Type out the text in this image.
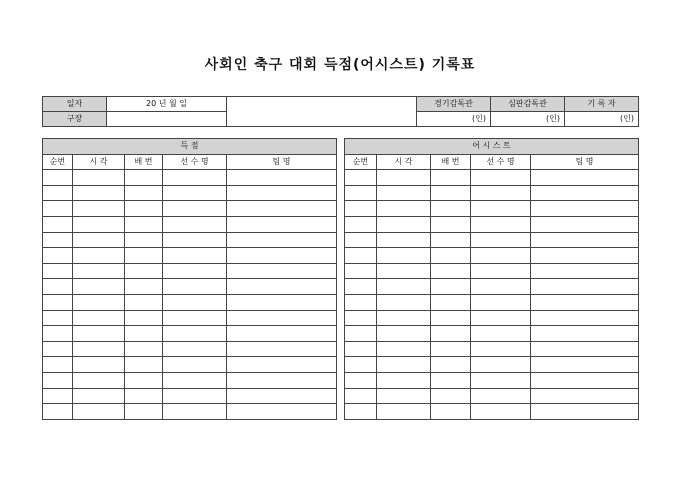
사회인 축구 대회 득점(어시스트) 기록표
일자	20 년 월 일		경기감독관	심판감독관	기 록 자
구장			(인)	(인)	(인)
득 점				
순번	시 각	배 번	선 수 명	팀 명

어 시 스 트				
순번	시 각	배 번	선 수 명	팀 명
